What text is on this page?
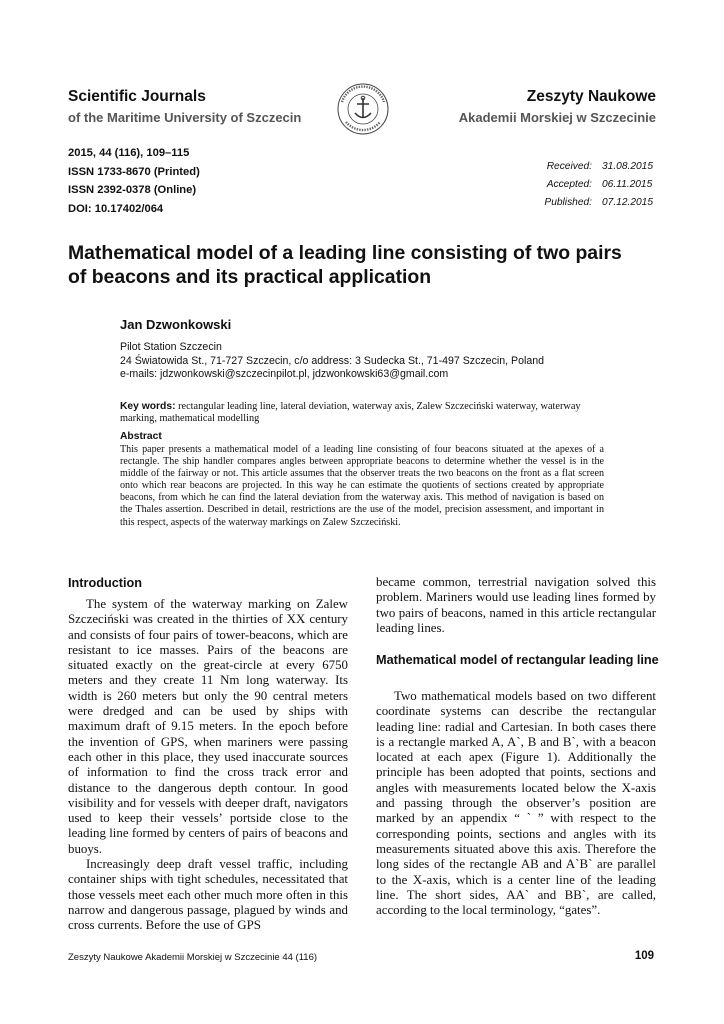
Scientific Journals
of the Maritime University of Szczecin
Zeszyty Naukowe
Akademii Morskiej w Szczecinie
2015, 44 (116), 109–115
ISSN 1733-8670 (Printed)
ISSN 2392-0378 (Online)
DOI: 10.17402/064
Received: 31.08.2015
Accepted: 06.11.2015
Published: 07.12.2015
Mathematical model of a leading line consisting of two pairs
of beacons and its practical application
Jan Dzwonkowski
Pilot Station Szczecin
24 Światowida St., 71-727 Szczecin, c/o address: 3 Sudecka St., 71-497 Szczecin, Poland
e-mails: jdzwonkowski@szczecinpilot.pl, jdzwonkowski63@gmail.com
Key words: rectangular leading line, lateral deviation, waterway axis, Zalew Szczeciński waterway, waterway marking, mathematical modelling
Abstract
This paper presents a mathematical model of a leading line consisting of four beacons situated at the apexes of a rectangle. The ship handler compares angles between appropriate beacons to determine whether the vessel is in the middle of the fairway or not. This article assumes that the observer treats the two beacons on the front as a flat screen onto which rear beacons are projected. In this way he can estimate the quotients of sections created by appropriate beacons, from which he can find the lateral deviation from the waterway axis. This method of navigation is based on the Thales assertion. Described in detail, restrictions are the use of the model, precision assessment, and important in this respect, aspects of the waterway markings on Zalew Szczeciński.
Introduction

The system of the waterway marking on Zalew Szczeciński was created in the thirties of XX century and consists of four pairs of tower-beacons, which are resistant to ice masses. Pairs of the beacons are situated exactly on the great-circle at every 6750 meters and they create 11 Nm long waterway. Its width is 260 meters but only the 90 central meters were dredged and can be used by ships with maximum draft of 9.15 meters. In the epoch before the invention of GPS, when mariners were passing each other in this place, they used inaccurate sources of information to find the cross track error and distance to the dangerous depth contour. In good visibility and for vessels with deeper draft, navigators used to keep their vessels’ portside close to the leading line formed by centers of pairs of beacons and buoys.

Increasingly deep draft vessel traffic, including container ships with tight schedules, necessitated that those vessels meet each other much more often in this narrow and dangerous passage, plagued by winds and cross currents. Before the use of GPS

became common, terrestrial navigation solved this problem. Mariners would use leading lines formed by two pairs of beacons, named in this article rectangular leading lines.

Mathematical model of rectangular leading line

Two mathematical models based on two different coordinate systems can describe the rectangular leading line: radial and Cartesian. In both cases there is a rectangle marked A, A`, B and B`, with a beacon located at each apex (Figure 1). Additionally the principle has been adopted that points, sections and angles with measurements located below the X-axis and passing through the observer’s position are marked by an appendix “ ` ” with respect to the corresponding points, sections and angles with its measurements situated above this axis. Therefore the long sides of the rectangle AB and A`B` are parallel to the X-axis, which is a center line of the leading line. The short sides, AA` and BB`, are called, according to the local terminology, “gates”.

Zeszyty Naukowe Akademii Morskiej w Szczecinie 44 (116)	109
